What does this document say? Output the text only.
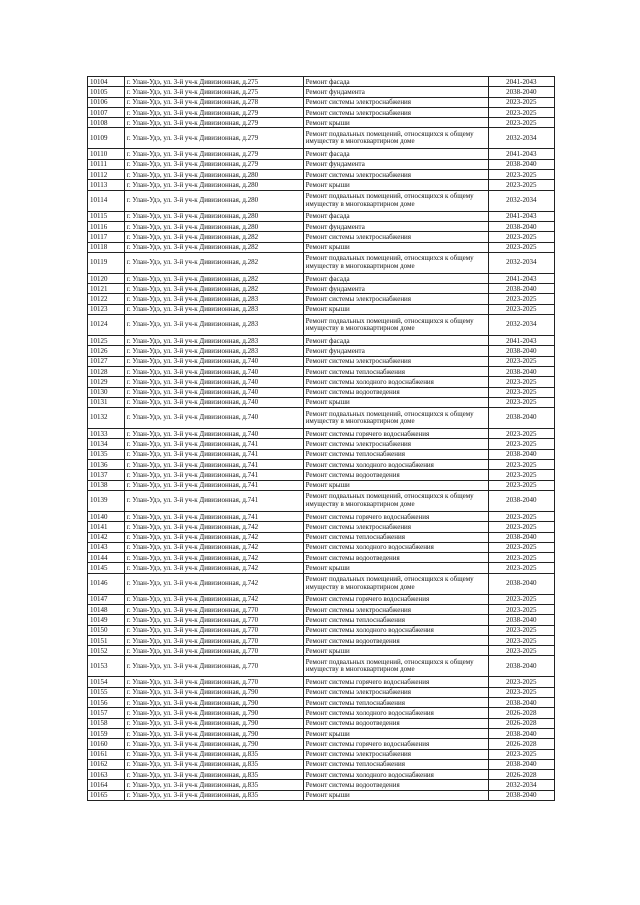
10104	г. Улан-Удэ, ул. 3-й уч-к Дивизионная, д.275	Ремонт фасада	2041-2043
10105	г. Улан-Удэ, ул. 3-й уч-к Дивизионная, д.275	Ремонт фундамента	2038-2040
10106	г. Улан-Удэ, ул. 3-й уч-к Дивизионная, д.278	Ремонт системы электроснабжения	2023-2025
10107	г. Улан-Удэ, ул. 3-й уч-к Дивизионная, д.279	Ремонт системы электроснабжения	2023-2025
10108	г. Улан-Удэ, ул. 3-й уч-к Дивизионная, д.279	Ремонт крыши	2023-2025
10109	г. Улан-Удэ, ул. 3-й уч-к Дивизионная, д.279	Ремонт подвальных помещений, относящихся к общему имуществу в многоквартирном доме	2032-2034
10110	г. Улан-Удэ, ул. 3-й уч-к Дивизионная, д.279	Ремонт фасада	2041-2043
10111	г. Улан-Удэ, ул. 3-й уч-к Дивизионная, д.279	Ремонт фундамента	2038-2040
10112	г. Улан-Удэ, ул. 3-й уч-к Дивизионная, д.280	Ремонт системы электроснабжения	2023-2025
10113	г. Улан-Удэ, ул. 3-й уч-к Дивизионная, д.280	Ремонт крыши	2023-2025
10114	г. Улан-Удэ, ул. 3-й уч-к Дивизионная, д.280	Ремонт подвальных помещений, относящихся к общему имуществу в многоквартирном доме	2032-2034
10115	г. Улан-Удэ, ул. 3-й уч-к Дивизионная, д.280	Ремонт фасада	2041-2043
10116	г. Улан-Удэ, ул. 3-й уч-к Дивизионная, д.280	Ремонт фундамента	2038-2040
10117	г. Улан-Удэ, ул. 3-й уч-к Дивизионная, д.282	Ремонт системы электроснабжения	2023-2025
10118	г. Улан-Удэ, ул. 3-й уч-к Дивизионная, д.282	Ремонт крыши	2023-2025
10119	г. Улан-Удэ, ул. 3-й уч-к Дивизионная, д.282	Ремонт подвальных помещений, относящихся к общему имуществу в многоквартирном доме	2032-2034
10120	г. Улан-Удэ, ул. 3-й уч-к Дивизионная, д.282	Ремонт фасада	2041-2043
10121	г. Улан-Удэ, ул. 3-й уч-к Дивизионная, д.282	Ремонт фундамента	2038-2040
10122	г. Улан-Удэ, ул. 3-й уч-к Дивизионная, д.283	Ремонт системы электроснабжения	2023-2025
10123	г. Улан-Удэ, ул. 3-й уч-к Дивизионная, д.283	Ремонт крыши	2023-2025
10124	г. Улан-Удэ, ул. 3-й уч-к Дивизионная, д.283	Ремонт подвальных помещений, относящихся к общему имуществу в многоквартирном доме	2032-2034
10125	г. Улан-Удэ, ул. 3-й уч-к Дивизионная, д.283	Ремонт фасада	2041-2043
10126	г. Улан-Удэ, ул. 3-й уч-к Дивизионная, д.283	Ремонт фундамента	2038-2040
10127	г. Улан-Удэ, ул. 3-й уч-к Дивизионная, д.740	Ремонт системы электроснабжения	2023-2025
10128	г. Улан-Удэ, ул. 3-й уч-к Дивизионная, д.740	Ремонт системы теплоснабжения	2038-2040
10129	г. Улан-Удэ, ул. 3-й уч-к Дивизионная, д.740	Ремонт системы холодного водоснабжения	2023-2025
10130	г. Улан-Удэ, ул. 3-й уч-к Дивизионная, д.740	Ремонт системы водоотведения	2023-2025
10131	г. Улан-Удэ, ул. 3-й уч-к Дивизионная, д.740	Ремонт крыши	2023-2025
10132	г. Улан-Удэ, ул. 3-й уч-к Дивизионная, д.740	Ремонт подвальных помещений, относящихся к общему имуществу в многоквартирном доме	2038-2040
10133	г. Улан-Удэ, ул. 3-й уч-к Дивизионная, д.740	Ремонт системы горячего водоснабжения	2023-2025
10134	г. Улан-Удэ, ул. 3-й уч-к Дивизионная, д.741	Ремонт системы электроснабжения	2023-2025
10135	г. Улан-Удэ, ул. 3-й уч-к Дивизионная, д.741	Ремонт системы теплоснабжения	2038-2040
10136	г. Улан-Удэ, ул. 3-й уч-к Дивизионная, д.741	Ремонт системы холодного водоснабжения	2023-2025
10137	г. Улан-Удэ, ул. 3-й уч-к Дивизионная, д.741	Ремонт системы водоотведения	2023-2025
10138	г. Улан-Удэ, ул. 3-й уч-к Дивизионная, д.741	Ремонт крыши	2023-2025
10139	г. Улан-Удэ, ул. 3-й уч-к Дивизионная, д.741	Ремонт подвальных помещений, относящихся к общему имуществу в многоквартирном доме	2038-2040
10140	г. Улан-Удэ, ул. 3-й уч-к Дивизионная, д.741	Ремонт системы горячего водоснабжения	2023-2025
10141	г. Улан-Удэ, ул. 3-й уч-к Дивизионная, д.742	Ремонт системы электроснабжения	2023-2025
10142	г. Улан-Удэ, ул. 3-й уч-к Дивизионная, д.742	Ремонт системы теплоснабжения	2038-2040
10143	г. Улан-Удэ, ул. 3-й уч-к Дивизионная, д.742	Ремонт системы холодного водоснабжения	2023-2025
10144	г. Улан-Удэ, ул. 3-й уч-к Дивизионная, д.742	Ремонт системы водоотведения	2023-2025
10145	г. Улан-Удэ, ул. 3-й уч-к Дивизионная, д.742	Ремонт крыши	2023-2025
10146	г. Улан-Удэ, ул. 3-й уч-к Дивизионная, д.742	Ремонт подвальных помещений, относящихся к общему имуществу в многоквартирном доме	2038-2040
10147	г. Улан-Удэ, ул. 3-й уч-к Дивизионная, д.742	Ремонт системы горячего водоснабжения	2023-2025
10148	г. Улан-Удэ, ул. 3-й уч-к Дивизионная, д.770	Ремонт системы электроснабжения	2023-2025
10149	г. Улан-Удэ, ул. 3-й уч-к Дивизионная, д.770	Ремонт системы теплоснабжения	2038-2040
10150	г. Улан-Удэ, ул. 3-й уч-к Дивизионная, д.770	Ремонт системы холодного водоснабжения	2023-2025
10151	г. Улан-Удэ, ул. 3-й уч-к Дивизионная, д.770	Ремонт системы водоотведения	2023-2025
10152	г. Улан-Удэ, ул. 3-й уч-к Дивизионная, д.770	Ремонт крыши	2023-2025
10153	г. Улан-Удэ, ул. 3-й уч-к Дивизионная, д.770	Ремонт подвальных помещений, относящихся к общему имуществу в многоквартирном доме	2038-2040
10154	г. Улан-Удэ, ул. 3-й уч-к Дивизионная, д.770	Ремонт системы горячего водоснабжения	2023-2025
10155	г. Улан-Удэ, ул. 3-й уч-к Дивизионная, д.790	Ремонт системы электроснабжения	2023-2025
10156	г. Улан-Удэ, ул. 3-й уч-к Дивизионная, д.790	Ремонт системы теплоснабжения	2038-2040
10157	г. Улан-Удэ, ул. 3-й уч-к Дивизионная, д.790	Ремонт системы холодного водоснабжения	2026-2028
10158	г. Улан-Удэ, ул. 3-й уч-к Дивизионная, д.790	Ремонт системы водоотведения	2026-2028
10159	г. Улан-Удэ, ул. 3-й уч-к Дивизионная, д.790	Ремонт крыши	2038-2040
10160	г. Улан-Удэ, ул. 3-й уч-к Дивизионная, д.790	Ремонт системы горячего водоснабжения	2026-2028
10161	г. Улан-Удэ, ул. 3-й уч-к Дивизионная, д.835	Ремонт системы электроснабжения	2023-2025
10162	г. Улан-Удэ, ул. 3-й уч-к Дивизионная, д.835	Ремонт системы теплоснабжения	2038-2040
10163	г. Улан-Удэ, ул. 3-й уч-к Дивизионная, д.835	Ремонт системы холодного водоснабжения	2026-2028
10164	г. Улан-Удэ, ул. 3-й уч-к Дивизионная, д.835	Ремонт системы водоотведения	2032-2034
10165	г. Улан-Удэ, ул. 3-й уч-к Дивизионная, д.835	Ремонт крыши	2038-2040
